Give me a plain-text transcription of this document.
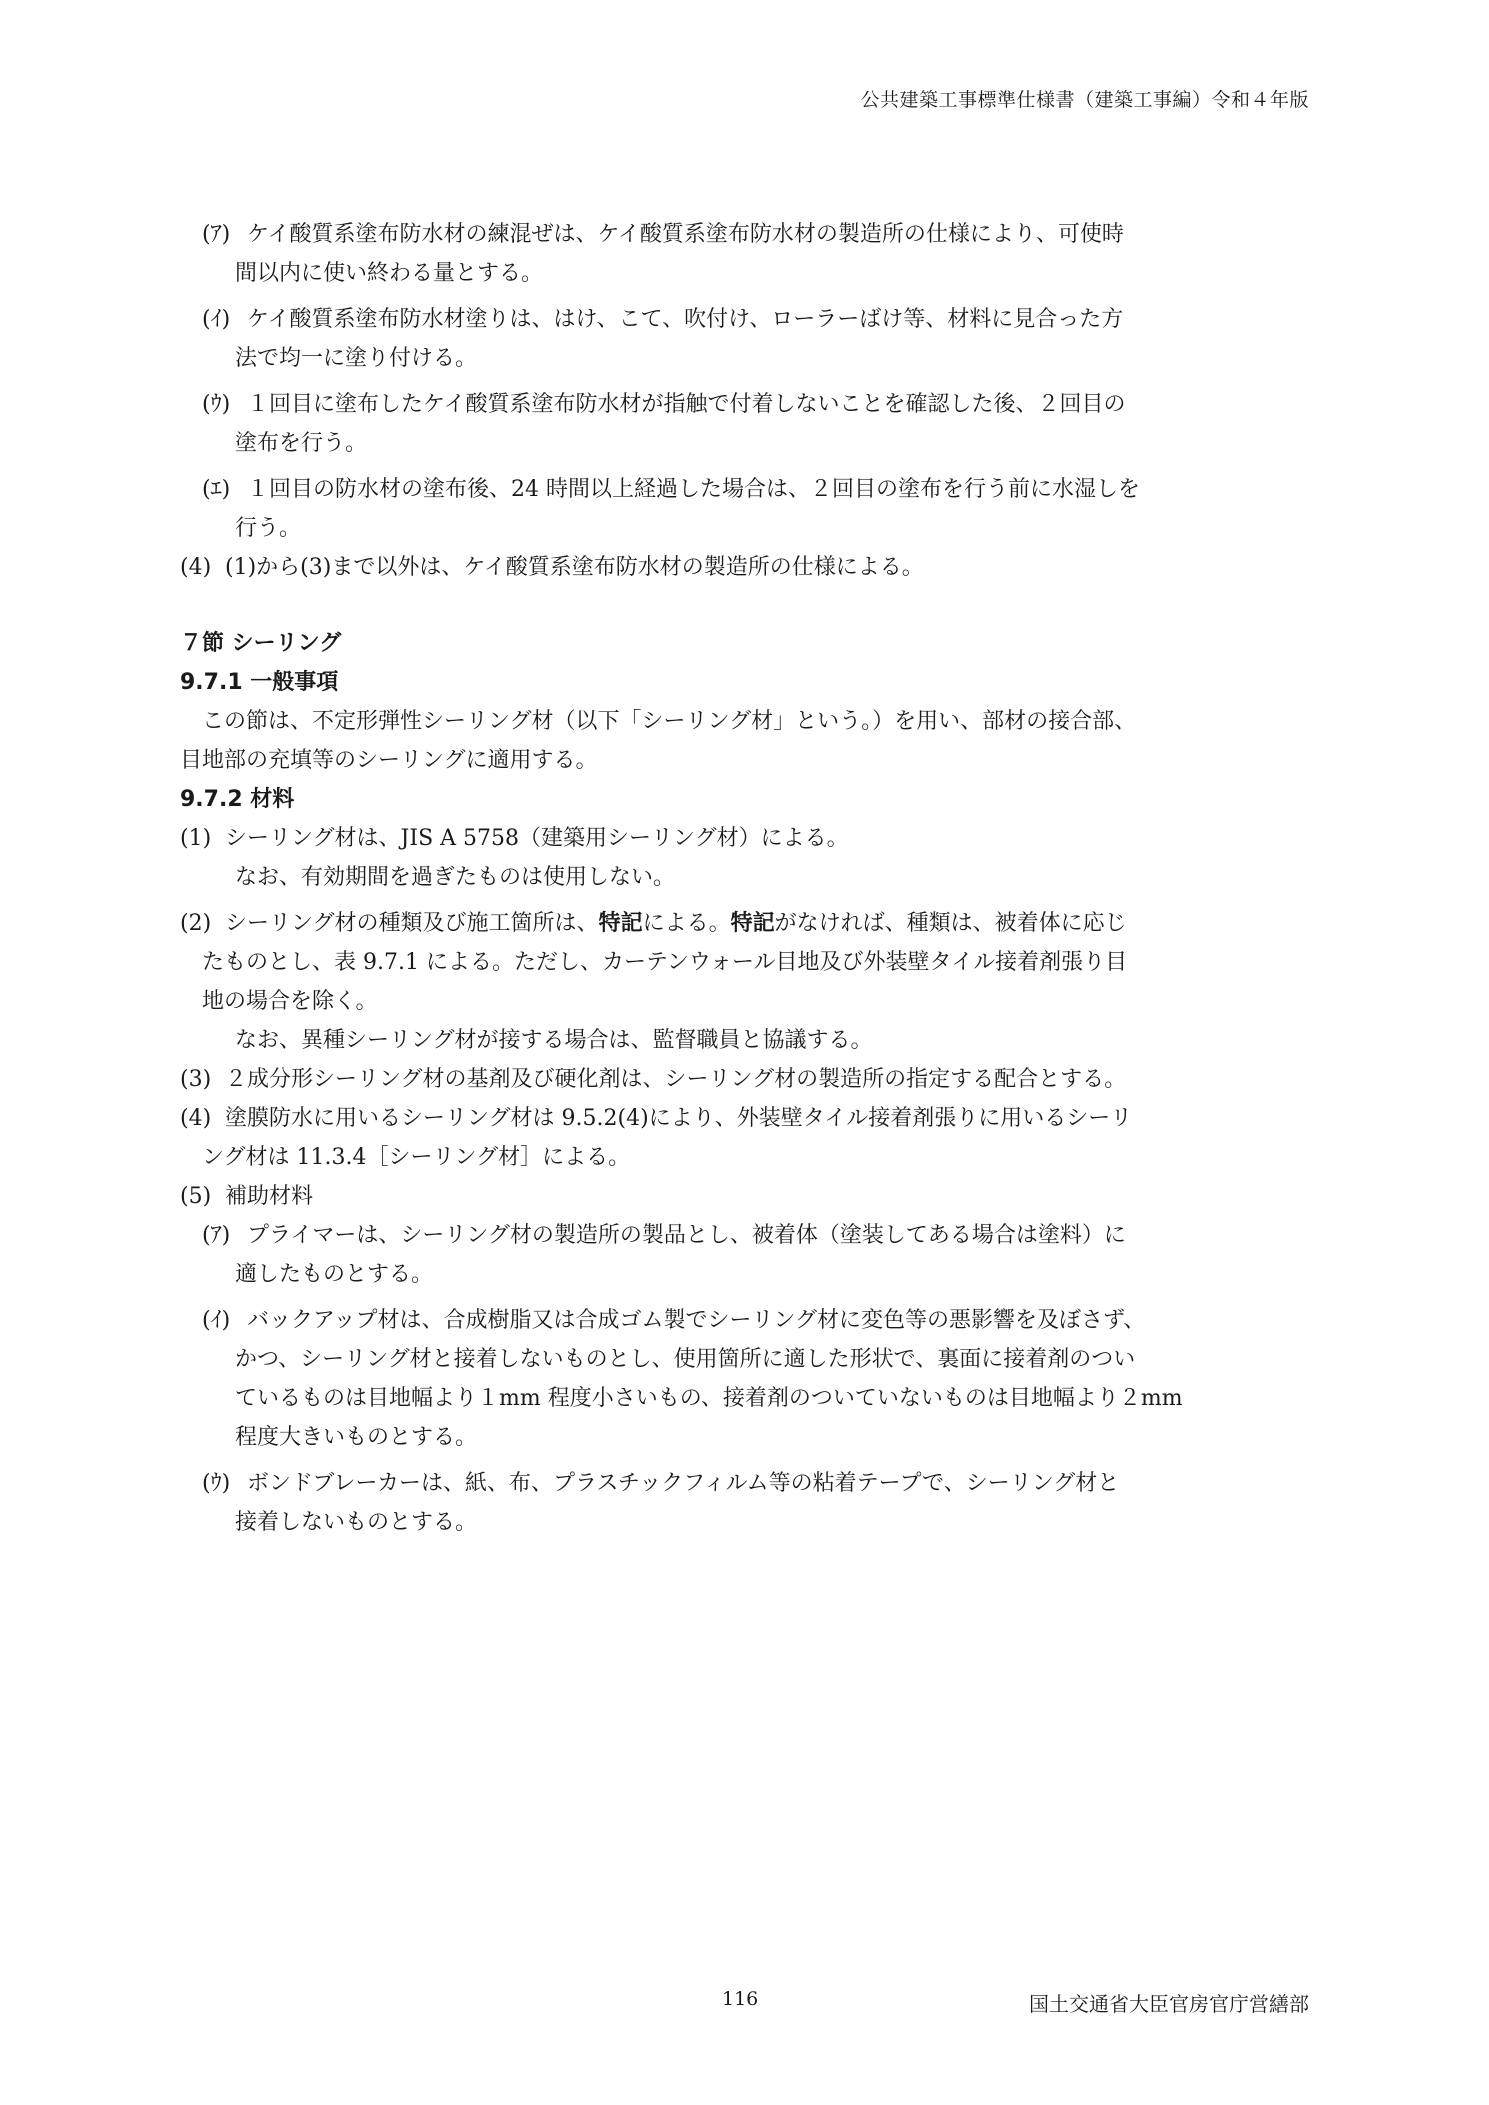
公共建築工事標準仕様書（建築工事編）令和４年版
(ｱ) ケイ酸質系塗布防水材の練混ぜは、ケイ酸質系塗布防水材の製造所の仕様により、可使時
間以内に使い終わる量とする。
(ｲ) ケイ酸質系塗布防水材塗りは、はけ、こて、吹付け、ローラーばけ等、材料に見合った方
法で均一に塗り付ける。
(ｳ) １回目に塗布したケイ酸質系塗布防水材が指触で付着しないことを確認した後、２回目の
塗布を行う。
(ｴ) １回目の防水材の塗布後、24 時間以上経過した場合は、２回目の塗布を行う前に水湿しを
行う。
(4) (1)から(3)まで以外は、ケイ酸質系塗布防水材の製造所の仕様による。
７節 シーリング
9.7.1 一般事項
この節は、不定形弾性シーリング材（以下「シーリング材」という。）を用い、部材の接合部、
目地部の充填等のシーリングに適用する。
9.7.2 材料
(1) シーリング材は、JIS A 5758（建築用シーリング材）による。
なお、有効期間を過ぎたものは使用しない。
(2) シーリング材の種類及び施工箇所は、特記による。特記がなければ、種類は、被着体に応じ
たものとし、表 9.7.1 による。ただし、カーテンウォール目地及び外装壁タイル接着剤張り目
地の場合を除く。
なお、異種シーリング材が接する場合は、監督職員と協議する。
(3) ２成分形シーリング材の基剤及び硬化剤は、シーリング材の製造所の指定する配合とする。
(4) 塗膜防水に用いるシーリング材は 9.5.2(4)により、外装壁タイル接着剤張りに用いるシーリ
ング材は 11.3.4［シーリング材］による。
(5) 補助材料
(ｱ) プライマーは、シーリング材の製造所の製品とし、被着体（塗装してある場合は塗料）に
適したものとする。
(ｲ) バックアップ材は、合成樹脂又は合成ゴム製でシーリング材に変色等の悪影響を及ぼさず、
かつ、シーリング材と接着しないものとし、使用箇所に適した形状で、裏面に接着剤のつい
ているものは目地幅より１mm 程度小さいもの、接着剤のついていないものは目地幅より２mm
程度大きいものとする。
(ｳ) ボンドブレーカーは、紙、布、プラスチックフィルム等の粘着テープで、シーリング材と
接着しないものとする。
116	国土交通省大臣官房官庁営繕部
